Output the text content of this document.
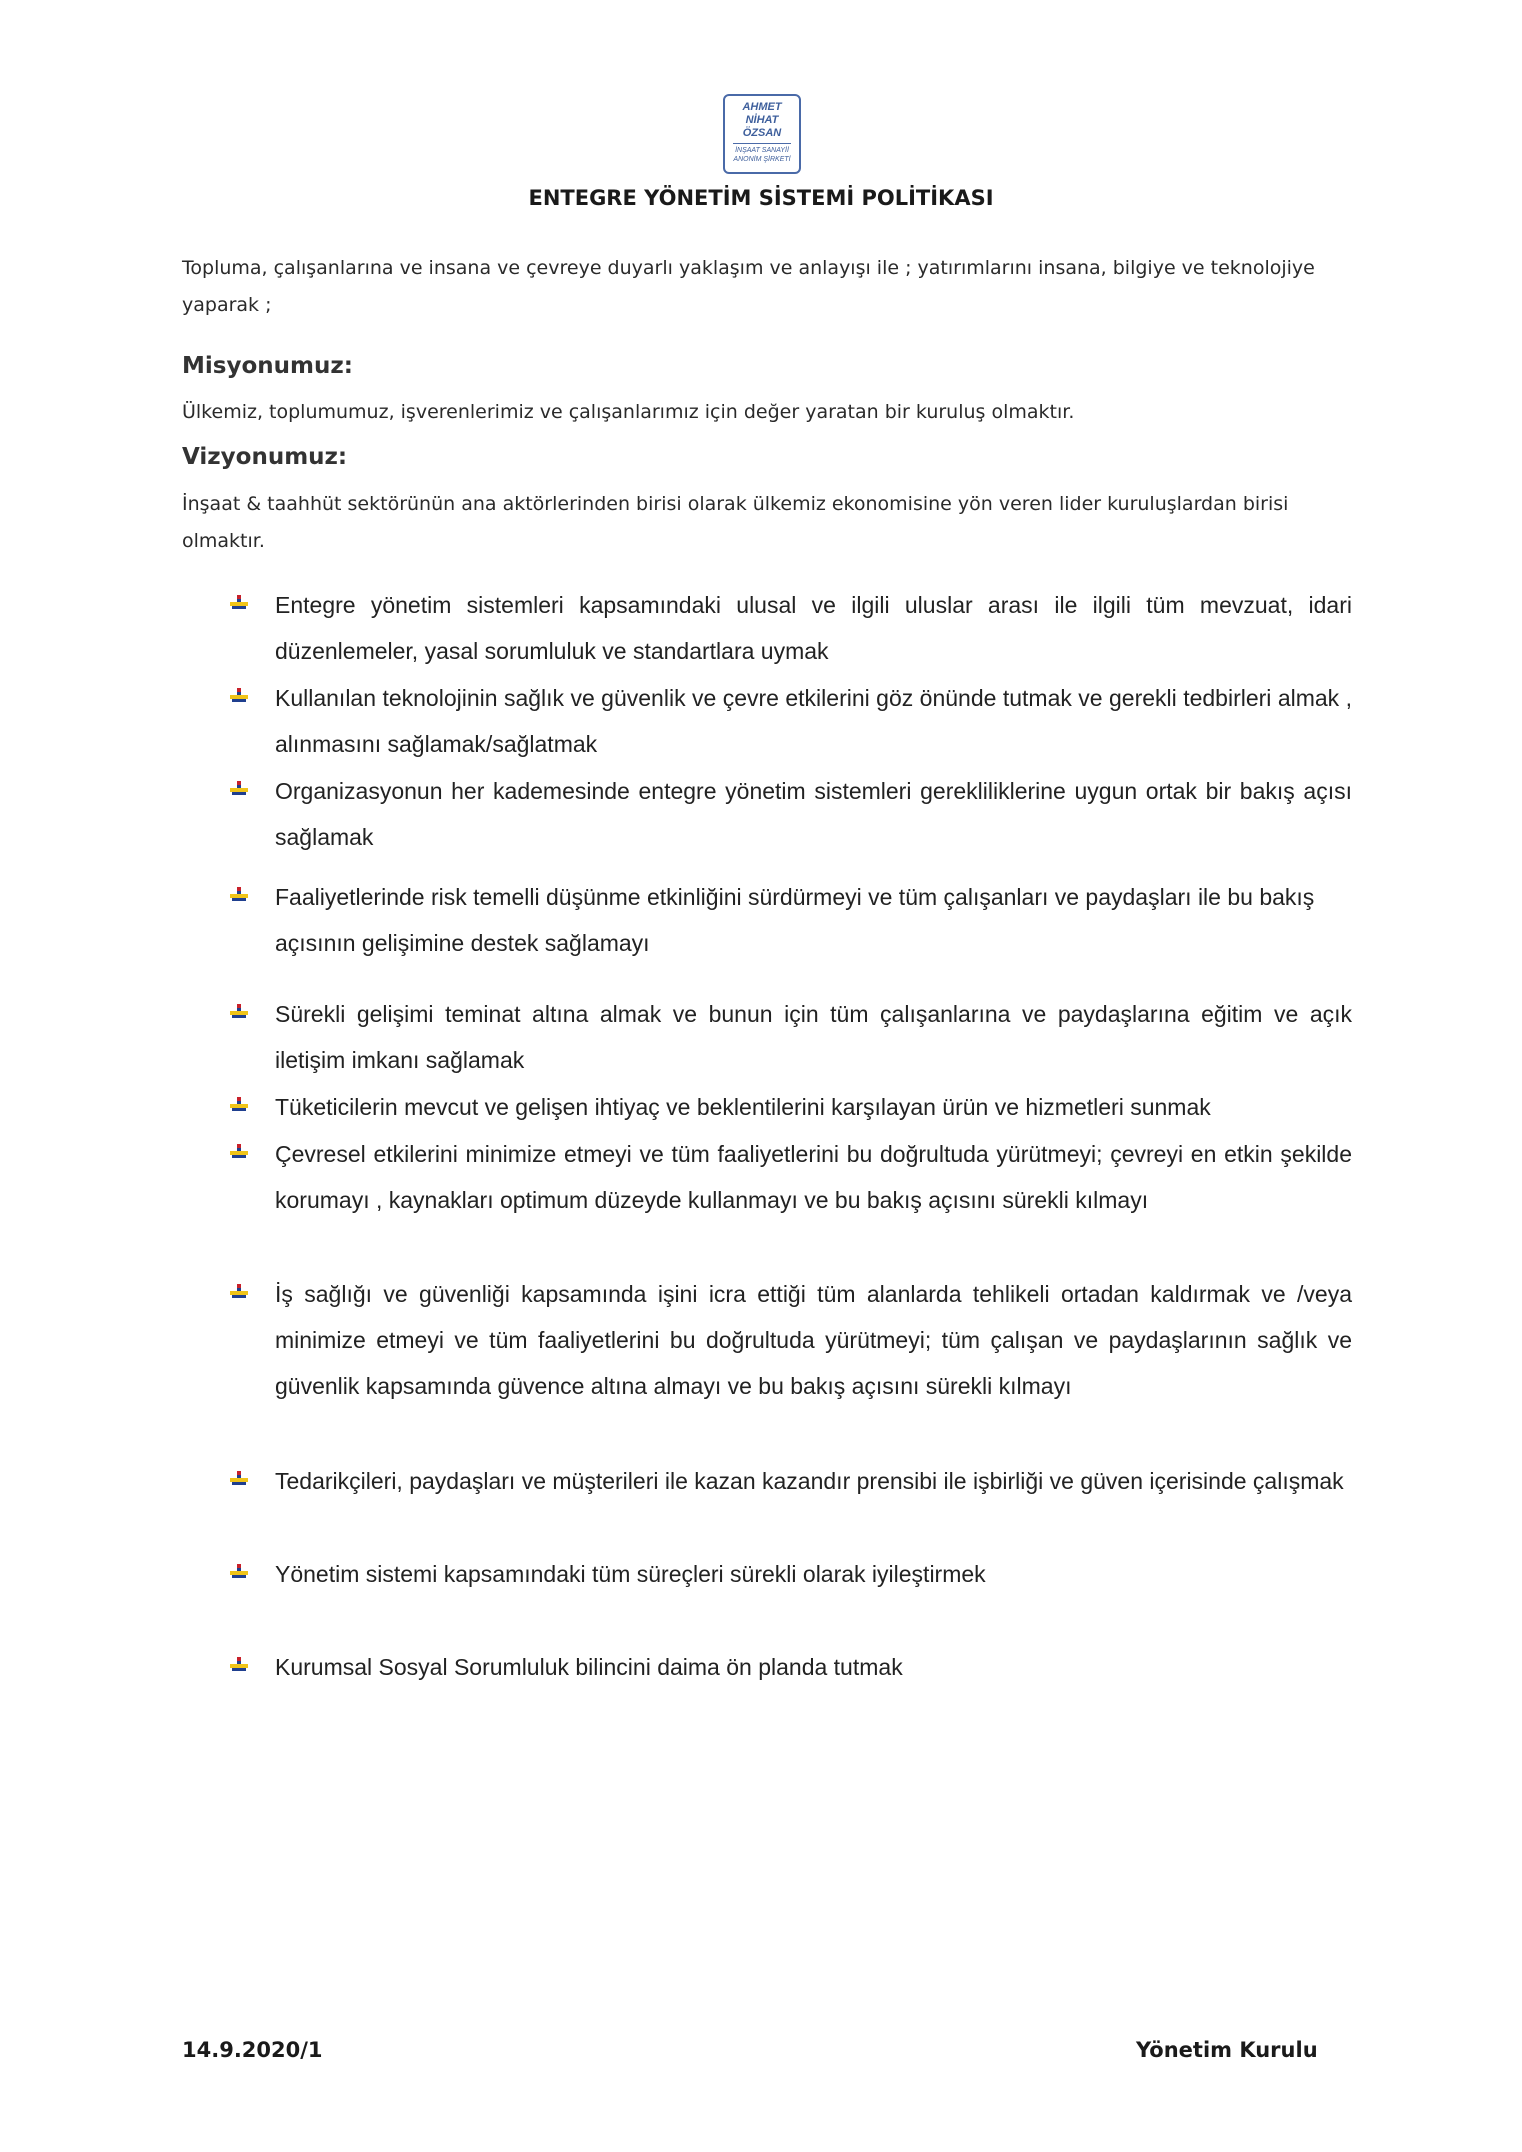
AHMET
NİHAT
ÖZSAN
İNŞAAT SANAYİİ
ANONİM ŞİRKETİ
ENTEGRE YÖNETİM SİSTEMİ POLİTİKASI

Topluma, çalışanlarına ve insana ve çevreye duyarlı yaklaşım ve anlayışı ile ; yatırımlarını insana, bilgiye ve teknolojiye yaparak ;

Misyonumuz:

Ülkemiz, toplumumuz, işverenlerimiz ve çalışanlarımız için değer yaratan bir kuruluş olmaktır.

Vizyonumuz:

İnşaat & taahhüt sektörünün ana aktörlerinden birisi olarak ülkemiz ekonomisine yön veren lider kuruluşlardan birisi olmaktır.

Entegre yönetim sistemleri kapsamındaki ulusal ve ilgili uluslar arası ile ilgili tüm mevzuat, idari düzenlemeler, yasal sorumluluk ve standartlara uymak

Kullanılan teknolojinin sağlık ve güvenlik ve çevre etkilerini göz önünde tutmak ve gerekli tedbirleri almak , alınmasını sağlamak/sağlatmak

Organizasyonun her kademesinde entegre yönetim sistemleri gerekliliklerine uygun ortak bir bakış açısı sağlamak

Faaliyetlerinde risk temelli düşünme etkinliğini sürdürmeyi ve tüm çalışanları ve paydaşları ile bu bakış açısının gelişimine destek sağlamayı

Sürekli gelişimi teminat altına almak ve bunun için tüm çalışanlarına ve paydaşlarına eğitim ve açık iletişim imkanı sağlamak

Tüketicilerin mevcut ve gelişen ihtiyaç ve beklentilerini karşılayan ürün ve hizmetleri sunmak

Çevresel etkilerini minimize etmeyi ve tüm faaliyetlerini bu doğrultuda yürütmeyi; çevreyi en etkin şekilde korumayı , kaynakları optimum düzeyde kullanmayı ve bu bakış açısını sürekli kılmayı

İş sağlığı ve güvenliği kapsamında işini icra ettiği tüm alanlarda tehlikeli ortadan kaldırmak ve /veya minimize etmeyi ve tüm faaliyetlerini bu doğrultuda yürütmeyi; tüm çalışan ve paydaşlarının sağlık ve güvenlik kapsamında güvence altına almayı ve bu bakış açısını sürekli kılmayı

Tedarikçileri, paydaşları ve müşterileri ile kazan kazandır prensibi ile işbirliği ve güven içerisinde çalışmak

Yönetim sistemi kapsamındaki tüm süreçleri sürekli olarak iyileştirmek

Kurumsal Sosyal Sorumluluk bilincini daima ön planda tutmak

14.9.2020/1	Yönetim Kurulu
